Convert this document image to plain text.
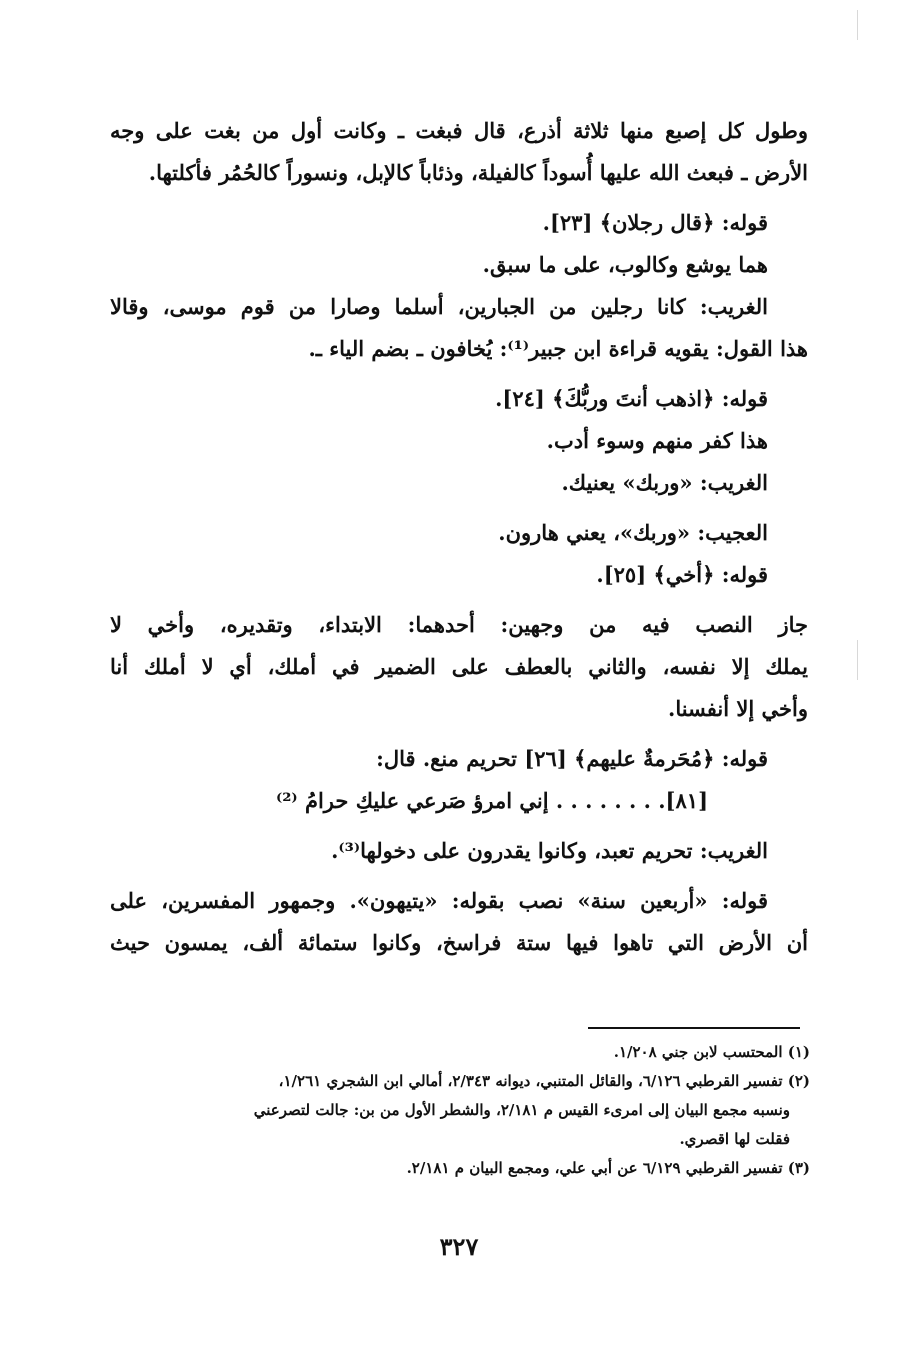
وطول كل إصبع منها ثلاثة أذرع، قال فبغت ـ وكانت أول من بغت على وجه
الأرض ـ فبعث الله عليها أُسوداً كالفيلة، وذئاباً كالإبل، ونسوراً كالحُمُر فأكلتها.
قوله: ﴿قال رجلان﴾ [٢٣].
هما يوشع وكالوب، على ما سبق.
الغريب: كانا رجلين من الجبارين، أسلما وصارا من قوم موسى، وقالا
هذا القول: يقويه قراءة ابن جبير⁽¹⁾: يُخافون ـ بضم الياء ـ.
قوله: ﴿اذهب أنتَ وربُّكَ﴾ [٢٤].
هذا كفر منهم وسوء أدب.
الغريب: «وربك» يعنيك.
العجيب: «وربك»، يعني هارون.
قوله: ﴿أخي﴾ [٢٥].
جاز النصب فيه من وجهين: أحدهما: الابتداء، وتقديره، وأخي لا
يملك إلا نفسه، والثاني بالعطف على الضمير في أملك، أي لا أملك أنا
وأخي إلا أنفسنا.
قوله: ﴿مُحَرمةٌ عليهم﴾ [٢٦] تحريم منع. قال:
[٨١]. . . . . . . . إني امرؤ صَرعي عليكِ حرامُ ⁽²⁾
الغريب: تحريم تعبد، وكانوا يقدرون على دخولها⁽³⁾.
قوله: «أربعين سنة» نصب بقوله: «يتيهون». وجمهور المفسرين، على
أن الأرض التي تاهوا فيها ستة فراسخ، وكانوا ستمائة ألف، يمسون حيث
(١) المحتسب لابن جني ١/٢٠٨.
(٢) تفسير القرطبي ٦/١٢٦، والقائل المتنبي، ديوانه ٢/٣٤٣، أمالي ابن الشجري ١/٢٦١،
ونسبه مجمع البيان إلى امرىء القيس م ٢/١٨١، والشطر الأول من بن: جالت لتصرعني
فقلت لها اقصري.
(٣) تفسير القرطبي ٦/١٢٩ عن أبي علي، ومجمع البيان م ٢/١٨١.
٣٢٧
